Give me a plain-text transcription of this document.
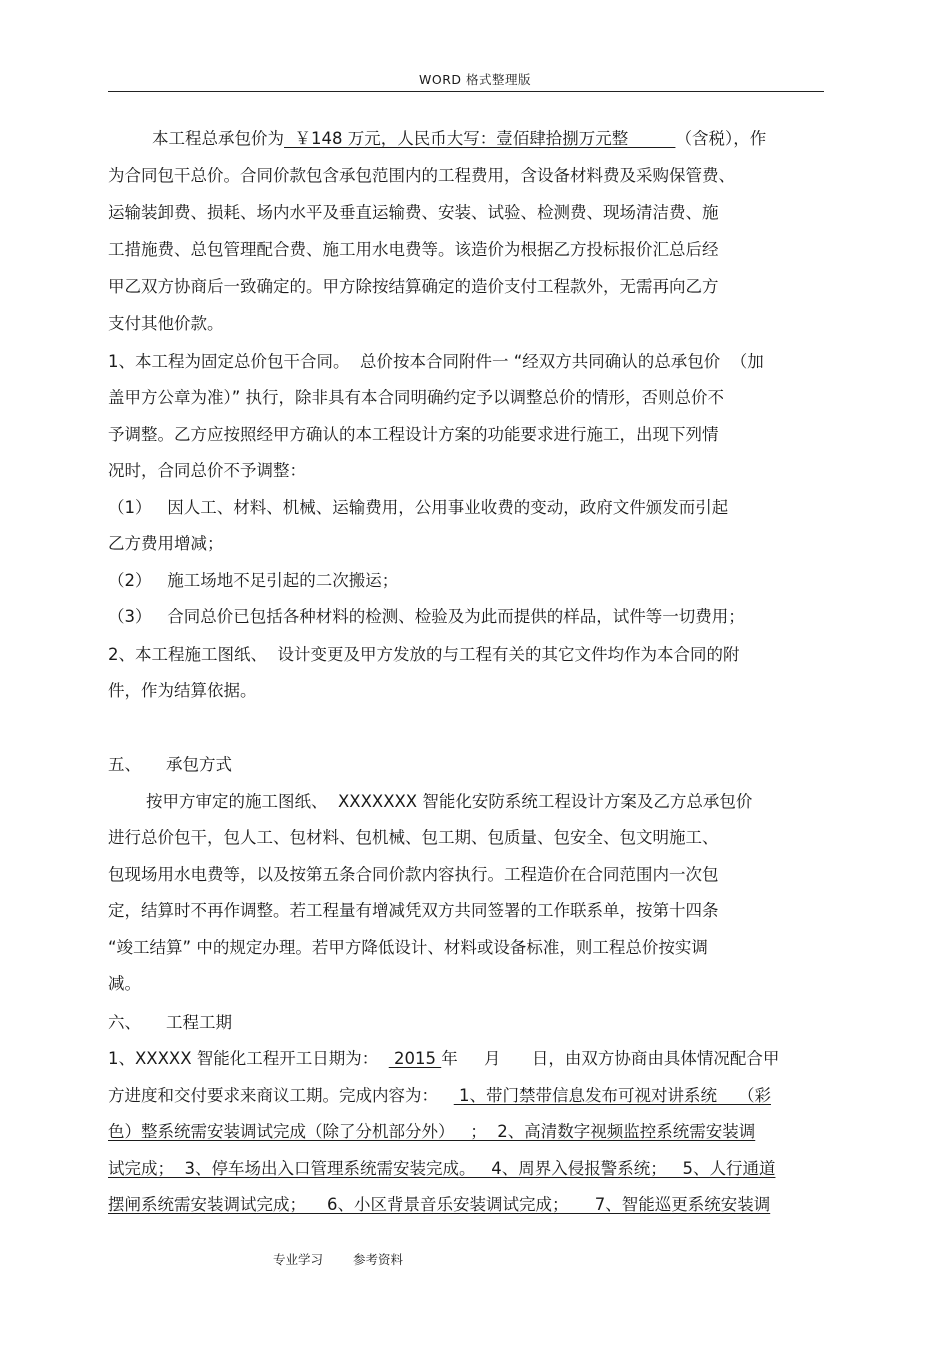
WORD 格式整理版
本工程总承包价为  ￥148 万元，人民币大写：壹佰肆拾捌万元整         （含税），作
为合同包干总价。合同价款包含承包范围内的工程费用，含设备材料费及采购保管费、
运输装卸费、损耗、场内水平及垂直运输费、安装、试验、检测费、现场清洁费、施
工措施费、总包管理配合费、施工用水电费等。该造价为根据乙方投标报价汇总后经
甲乙双方协商后一致确定的。甲方除按结算确定的造价支付工程款外，无需再向乙方
支付其他价款。
1、本工程为固定总价包干合同。  总价按本合同附件一 “经双方共同确认的总承包价  （加
盖甲方公章为准）” 执行，除非具有本合同明确约定予以调整总价的情形，否则总价不
予调整。乙方应按照经甲方确认的本工程设计方案的功能要求进行施工，出现下列情
况时，合同总价不予调整：
（1）   因人工、材料、机械、运输费用，公用事业收费的变动，政府文件颁发而引起
乙方费用增减；
（2）   施工场地不足引起的二次搬运；
（3）   合同总价已包括各种材料的检测、检验及为此而提供的样品，试件等一切费用；
2、本工程施工图纸、  设计变更及甲方发放的与工程有关的其它文件均作为本合同的附
件，作为结算依据。
五、 承包方式
按甲方审定的施工图纸、  XXXXXXX 智能化安防系统工程设计方案及乙方总承包价
进行总价包干，包人工、包材料、包机械、包工期、包质量、包安全、包文明施工、
包现场用水电费等，以及按第五条合同价款内容执行。工程造价在合同范围内一次包
定，结算时不再作调整。若工程量有增减凭双方共同签署的工作联系单，按第十四条
“竣工结算” 中的规定办理。若甲方降低设计、材料或设备标准，则工程总价按实调
减。
六、 工程工期
1、XXXXX 智能化工程开工日期为：   2015 年     月      日，由双方协商由具体情况配合甲
方进度和交付要求来商议工期。完成内容为：    1、带门禁带信息发布可视对讲系统    （彩
色）整系统需安装调试完成（除了分机部分外）   ；  2、高清数字视频监控系统需安装调
试完成；  3、停车场出入口管理系统需安装完成。   4、周界入侵报警系统；   5、人行通道
摆闸系统需安装调试完成；    6、小区背景音乐安装调试完成；     7、智能巡更系统安装调
专业学习 参考资料
